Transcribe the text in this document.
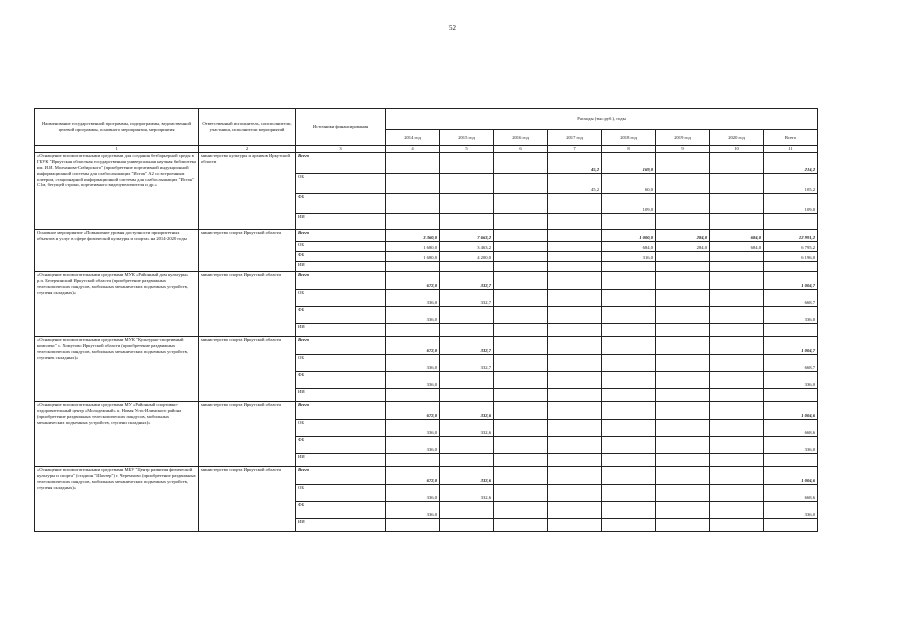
52
Наименование государственной программы, подпрограммы, ведомственной целевой программы, основного мероприятия, мероприятия	Ответственный исполнитель, соисполнители, участники, исполнители мероприятий	Источники финансирования	Расходы (тыс.руб.), годы							
			2014 год	2015 год	2016 год	2017 год	2018 год	2019 год	2020 год	Всего
1	2	3	4	5	6	7	8	9	10	11
«Оснащение вспомогательными средствами для создания безбарьерной среды в ГБУК "Иркутская областная государственная универсальная научная библиотека им. И.И. Молчанова-Сибирского" (приобретение портативной индукционной информационной системы для слабослышащих "Исток" А2 со встроенным плеером, стационарной информационной системы для слабослышащих "Исток" С1м, бегущей строки, портативного видеоувеличителя и др.»	министерство культуры и архивов Иркутской области	Всего				45,2	169,0			214,2
		ОБ				45,2	60,0			105,2
		ФБ					109,0			109,0
		ИИ								
Основное мероприятие «Повышение уровня доступности приоритетных объектов и услуг в сфере физической культуры и спорта» на 2014-2020 годы	министерство спорта Иркутской области	Всего	3 360,0	7 663,2			1 000,0	284,0	684,0	12 991,2
		ОБ	1 680,0	3 463,2			684,0	284,0	684,0	6 795,2
		ФБ	1 680,0	4 200,0			316,0			6 196,0
		ИИ								
«Оснащение вспомогательными средствами МУК «Районный дом культуры» р.п. Безерчинский Иркутской области (приобретение раздвижных телескопических пандусов, мобильных механических подъемных устройств, ступеня складных)»	министерство спорта Иркутской области	Всего	672,0	332,7						1 004,7
		ОБ	336,0	332,7						668,7
		ФБ	336,0							336,0
		ИИ								
«Оснащение вспомогательными средствами МУК "Культурно-спортивный комплекс" с. Хомутово Иркутской области (приобретение раздвижных телескопических пандусов, мобильных механических подъемных устройств, ступенек складных)»	министерство спорта Иркутской области	Всего	672,0	332,7						1 004,7
		ОБ	336,0	332,7						668,7
		ФБ	336,0							336,0
		ИИ								
«Оснащение вспомогательными средствами МУ «Районный спортивно-оздоровительный центр «Молодежный» п. Новая Усть-Илимского района (приобретение раздвижных телескопических пандусов, мобильных механических подъемных устройств, ступени складных)»	министерство спорта Иркутской области	Всего	672,0	332,6						1 004,6
		ОБ	336,0	332,6						668,6
		ФБ	336,0							336,0
		ИИ								
«Оснащение вспомогательными средствами МБУ "Центр развития физической культуры и спорта" (стадион "Шахтер") г. Черемхово (приобретение раздвижных телескопических пандусов, мобильных механических подъемных устройств, ступеня складных)»	министерство спорта Иркутской области	Всего	672,0	332,6						1 004,6
		ОБ	336,0	332,6						668,6
		ФБ	336,0							336,0
		ИИ								
